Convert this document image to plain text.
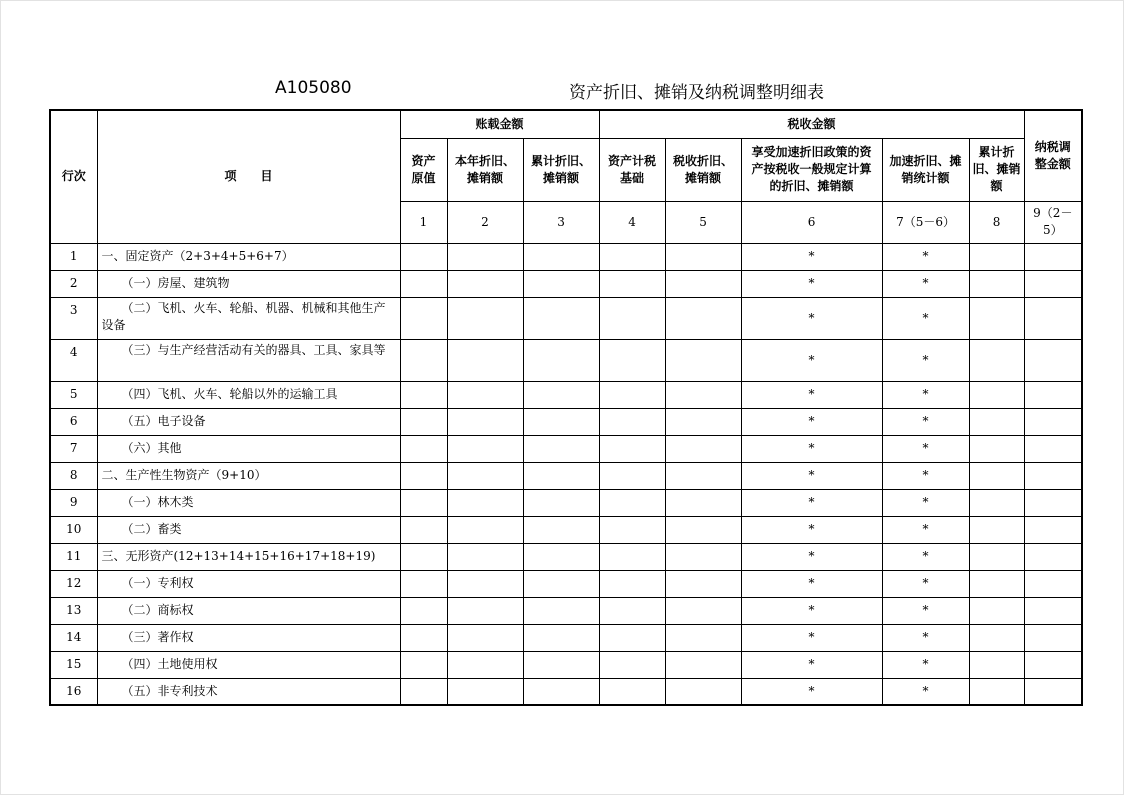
A105080	资产折旧、摊销及纳税调整明细表
行次	项　　目	账载金额			税收金额					纳税调整金额

		资产原值	本年折旧、摊销额	累计折旧、摊销额	资产计税基础	税收折旧、摊销额	享受加速折旧政策的资产按税收一般规定计算的折旧、摊销额	加速折旧、摊销统计额	累计折旧、摊销额	

		1	2	3	4	5	6	7（5－6）	8	9（2－5）

1	一、固定资产（2+3+4+5+6+7）						*	*		
2	（一）房屋、建筑物						*	*		
3	（二）飞机、火车、轮船、机器、机械和其他生产设备						*	*		
4	（三）与生产经营活动有关的器具、工具、家具等						*	*		
5	（四）飞机、火车、轮船以外的运输工具						*	*		
6	（五）电子设备						*	*		
7	（六）其他						*	*		
8	二、生产性生物资产（9+10）						*	*		
9	（一）林木类						*	*		
10	（二）畜类						*	*		
11	三、无形资产(12+13+14+15+16+17+18+19)						*	*		
12	（一）专利权						*	*		
13	（二）商标权						*	*		
14	（三）著作权						*	*		
15	（四）土地使用权						*	*		
16	（五）非专利技术						*	*		
